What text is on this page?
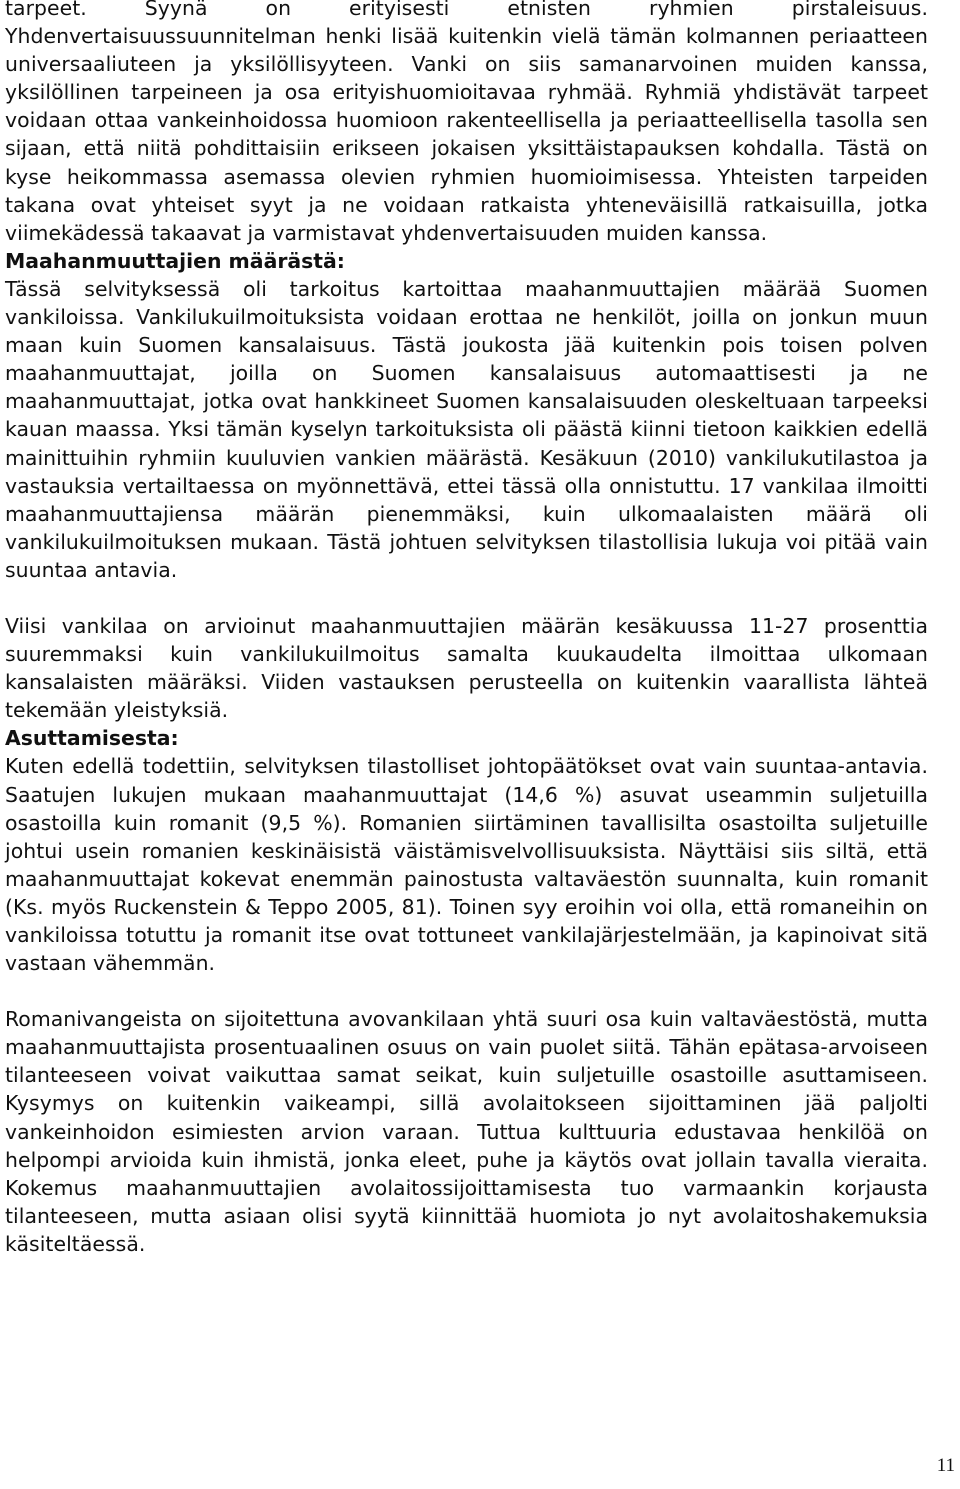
tarpeet. Syynä on erityisesti etnisten ryhmien pirstaleisuus. Yhdenvertaisuussuunnitelman henki lisää kuitenkin vielä tämän kolmannen periaatteen universaaliuteen ja yksilöllisyyteen. Vanki on siis samanarvoinen muiden kanssa, yksilöllinen tarpeineen ja osa erityishuomioitavaa ryhmää. Ryhmiä yhdistävät tarpeet voidaan ottaa vankeinhoidossa huomioon rakenteellisella ja periaatteellisella tasolla sen sijaan, että niitä pohdittaisiin erikseen jokaisen yksittäistapauksen kohdalla. Tästä on kyse heikommassa asemassa olevien ryhmien huomioimisessa. Yhteisten tarpeiden takana ovat yhteiset syyt ja ne voidaan ratkaista yhteneväisillä ratkaisuilla, jotka viimekädessä takaavat ja varmistavat yhdenvertaisuuden muiden kanssa.

Maahanmuuttajien määrästä:

Tässä selvityksessä oli tarkoitus kartoittaa maahanmuuttajien määrää Suomen vankiloissa. Vankilukuilmoituksista voidaan erottaa ne henkilöt, joilla on jonkun muun maan kuin Suomen kansalaisuus. Tästä joukosta jää kuitenkin pois toisen polven maahanmuuttajat, joilla on Suomen kansalaisuus automaattisesti ja ne maahanmuuttajat, jotka ovat hankkineet Suomen kansalaisuuden oleskeltuaan tarpeeksi kauan maassa. Yksi tämän kyselyn tarkoituksista oli päästä kiinni tietoon kaikkien edellä mainittuihin ryhmiin kuuluvien vankien määrästä. Kesäkuun (2010) vankilukutilastoa ja vastauksia vertailtaessa on myönnettävä, ettei tässä olla onnistuttu. 17 vankilaa ilmoitti maahanmuuttajiensa määrän pienemmäksi, kuin ulkomaalaisten määrä oli vankilukuilmoituksen mukaan. Tästä johtuen selvityksen tilastollisia lukuja voi pitää vain suuntaa antavia.

Viisi vankilaa on arvioinut maahanmuuttajien määrän kesäkuussa 11-27 prosenttia suuremmaksi kuin vankilukuilmoitus samalta kuukaudelta ilmoittaa ulkomaan kansalaisten määräksi. Viiden vastauksen perusteella on kuitenkin vaarallista lähteä tekemään yleistyksiä.

Asuttamisesta:

Kuten edellä todettiin, selvityksen tilastolliset johtopäätökset ovat vain suuntaa-antavia. Saatujen lukujen mukaan maahanmuuttajat (14,6 %) asuvat useammin suljetuilla osastoilla kuin romanit (9,5 %). Romanien siirtäminen tavallisilta osastoilta suljetuille johtui usein romanien keskinäisistä väistämisvelvollisuuksista. Näyttäisi siis siltä, että maahanmuuttajat kokevat enemmän painostusta valtaväestön suunnalta, kuin romanit (Ks. myös Ruckenstein & Teppo 2005, 81). Toinen syy eroihin voi olla, että romaneihin on vankiloissa totuttu ja romanit itse ovat tottuneet vankilajärjestelmään, ja kapinoivat sitä vastaan vähemmän.

Romanivangeista on sijoitettuna avovankilaan yhtä suuri osa kuin valtaväestöstä, mutta maahanmuuttajista prosentuaalinen osuus on vain puolet siitä. Tähän epätasa-arvoiseen tilanteeseen voivat vaikuttaa samat seikat, kuin suljetuille osastoille asuttamiseen. Kysymys on kuitenkin vaikeampi, sillä avolaitokseen sijoittaminen jää paljolti vankeinhoidon esimiesten arvion varaan. Tuttua kulttuuria edustavaa henkilöä on helpompi arvioida kuin ihmistä, jonka eleet, puhe ja käytös ovat jollain tavalla vieraita. Kokemus maahanmuuttajien avolaitossijoittamisesta tuo varmaankin korjausta tilanteeseen, mutta asiaan olisi syytä kiinnittää huomiota jo nyt avolaitoshakemuksia käsiteltäessä.

11
